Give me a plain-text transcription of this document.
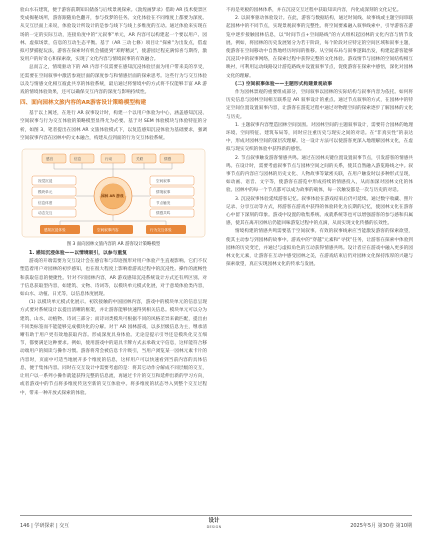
验山水石建筑，便于游客前期知识储备与后续景观探索。《敦煌画梦录》借助 AR 技术使景区变成揭秘场所，游客跟随角色翻开，参与找梦的任务。文化体验在不同维度上都要为深度。从交互层面上来说，体验设计所设计的是参与线下与线上多维度的互动。通过体验来实现在场的一定的实际互动，连接角度中的“元叙事”单元，AR 内容可以构建起一个要以用户、园林、虚拟场景，信息的互动生态平衡。基于（AR 三动七修）项目让“探索”为出发点，借虚拟可梦捕捉玩法，游客在探索时有机会捕捉到“邓野精灵”，使游园过程充满惊喜与期待，激发用户的好奇心和探索欲，实现了文化内容与情境叙事的有效融合。

总而言之，情境驱动下的 AR 内容不仅需要在感知沉浸体验层面为用户带来美的享受，还需要在空间叙事中激活参观层面的深度参与和情感层面的探索思考。这些行为与交互体验以及与情感文化相互彼此共享的体验系统，最后通过将情境中的方式将不仅能够丰富 AR 游戏的情境体验效果，还可以确保交互内容的深度与影响持续性。

四、面向园林文旅内容的AR游客设计策略模型构建

基于以上阐述，在进行 AR 叙事设计时，构建一个以用户体验为中心，涵盖感知沉浸、空间叙事与行为交互体验的策略模型显得尤为必要。基于对 SEM 体验模块与体验特征的分析，如图 3，笔者提出在园林 AR 文旅体验模式下，以复造感知沉浸体验为基础要求，强调空间叙事内容在园林中的文本融合，构建从点到面的行为交互体验系统。

感官	信息	行动	关联	情感
视觉沉浸
模块单元
信息体度
动态交互
空间叙事
情境叙事
节点触发
情感共鸣
园林 AR 游戏
感知沉浸体验	空间叙事内容	行为交互体验
图 3 面向园林文旅内容的 AR 游客设计策略模型
1. 感知沉浸体验——以情境吸引，以参与重复

游戏的开端需要为交互设计会在感官和与印迹图形对用户体验产生直观影响。它们不仅塑造着用户对园林的初步感知，也在很大程度上影响着游戏过程中的沉浸性。操作的流畅性和获取信息的便捷性。针对不同园林内容，AR 游戏感知沉浸系统设计方式还有所区别。对于信息获取型内容，如建筑、文物、诗词等，以模块单元模式化展，对于意境体验类内容，如山水、动植、日光等，以信息体度展现。

(1) 以模块单元模式化展示。初次接触的中国园林内容，游戏中的模块单元的信息呈现方式要对系统设计以提出清晰的框架，并让游客能够快速得到相关信息。模块单元可以分为建筑、山水、动植物、诗词三部分；而诗词类模块可根据不同的风格差异来做匹配，提出由不同类标签而不能能够完成模块化的分解。对于 AR 园林游戏，以多层级信息为主，继承清晰有助于用户更有效地获取内容。形成深度具身体验。无论是提示引导还是模块化交互细节，都要满足这种要求。例如，使用游戏中的道具卡牌方式去承载文字信息，这样能符合移动端用户的阅读与操作习惯。游客将常会被信息卡片吸引，当用户浏览某一园林元素卡片的内容时，页面中可适当地展开多个维度的信息，这样用户可以快速看到当前内容的具体信息，便于集体内容。同时在交互设计中需要考虑的是：将其它动作分解成不同层级的交互，让用户以一系列小操作就能获得完整的信息流，再通过卡片的交互和延伸出新的学习方向，或者游戏中的节点将多维度传送至新的交互体验中。将多维度的状态导入到整个交互过程中，带来一种开放式探索的体验。

不再是死板的园林体系，并在沉浸交互过程中获取知识内容，内化成深刻的文化记忆。

2. 以叙事驱动体验设计。在此，游客与数据结构，通过时间线、故事线或主题空间串联起园林中的不同节点，实现景观叙事的完整性。将空间要素融入叙事线索中，引导游客在游览中逐步接触园林信息，以“时间节点+空间路线”的方式组织起园林的文化内容与情节发展。例如，将园林的历史发展划分为若干阶段，每个阶段对应特定的空间区域和叙事主题，使游客在空间移动中自然地经历时间的推移。从空间布局与叙事逻辑出发，构建起游客能够沉浸其中的叙事网络，在探索过程中获得完整的文化体验。游戏情节与园林的空间结构相互映衬，可利用运动线路设计游览路线并设置叙事节点，促使游客在探索中感悟，深化对园林文化的理解。

(二) 空间叙事体验——主题形式构建景观故事

作为园林景观的重要组成部分，空间叙事以园林的实际结构与叙事内容为依托。如何将历史信息与园林空间相互联系是 AR 叙事设计的重点。通过节点叙事的方式，在园林中的特定空间位置设置叙事内容，让游客在游览过程中通过对物理空间的探索逐步了解园林的文化与历史。

1. 主题叙事内容塑造园林空间氛围。对园林空间的主题叙事设计，需要符合园林的地理环境、空间特征、建筑布局等，同时应注重历史与现实之间的对话。在“非真实性”的表达中，形成对园林空间的深层次理解。这一设计方法可以使游客更深入地理解园林文化，在虚拟与现实交织的体验中获得新的感悟。

2. 节点叙事触发游客情感共鸣。通过在园林关键位置设置叙事节点，引发游客的情感共鸣。在设计时，需要考虑叙事节点与园林空间之间的关系，使其自然融入游览路线之中。叙事节点的内容应与园林的历史文化、人物故事等紧密关联，在用户触发时以多种形式呈现，如动画、语音、文字等，使游客在游览中形成持续的情感投入，从而加深对园林文化的体验。园林中的每一个节点都可以成为故事的载体，每一次触发都是一次与历史的对话。

3. 沉浸叙事体验延续游客记忆。叙事体验在游戏结束后仍可延续。通过数字收藏、照片记录、分享互动等方式，将游客在游戏中获得的体验转化为长期的记忆，使园林文化在游客心中留下深刻的印象。游戏中设置的收集系统、成就系统等也可以增强游客的参与感和归属感，使其在离开园林后仍能回味游览过程中的点滴，从而实现文化传播的长效性。

情境构建的情感共鸣需要基于空间叙事。有效的叙事线索应当能激发游客的探索欲望，使其主动参与到园林的故事中。游戏中的“穿越”元素和“寻找”任务，让游客在探索中体验到园林的历史变迁，并通过与虚拟角色的互动获得情感共鸣。设计者应在游戏中融入更多的园林文化元素，让游客在互动中感受园林之美，在游戏结束后仍对园林文化保持浓厚的兴趣与探索欲望，真正实现园林文化的传承与发展。

146 | 学研探索 | 交互
设计
DESIGN	2025年5月 第30卷 第10期
